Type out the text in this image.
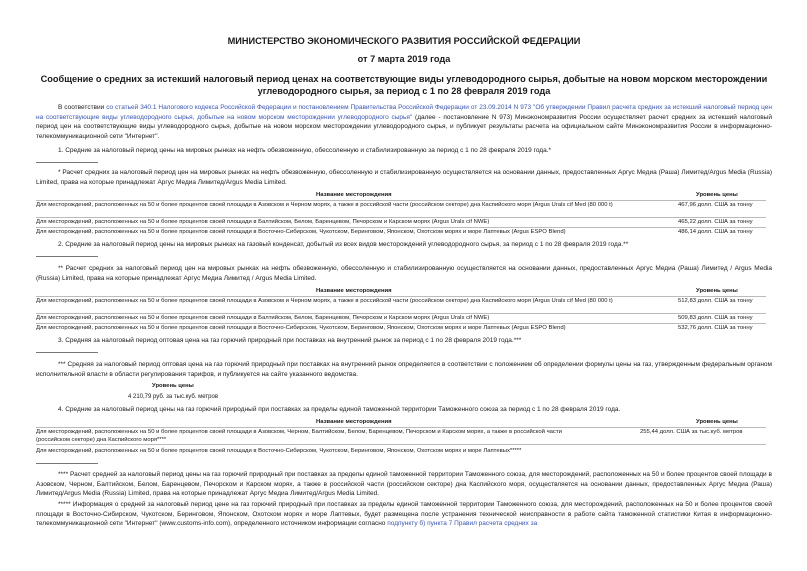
МИНИСТЕРСТВО ЭКОНОМИЧЕСКОГО РАЗВИТИЯ РОССИЙСКОЙ ФЕДЕРАЦИИ
от 7 марта 2019 года
Сообщение о средних за истекший налоговый период ценах на соответствующие виды углеводородного сырья, добытые на новом морском месторождении
углеводородного сырья, за период с 1 по 28 февраля 2019 года
В соответствии со статьей 340.1 Налогового кодекса Российской Федерации и постановлением Правительства Российской Федерации от 23.09.2014 N 973 "Об утверждении Правил расчета средних за истекший налоговый период цен на соответствующие виды углеводородного сырья, добытые на новом морском месторождении углеводородного сырья" (далее - постановление N 973) Минэкономразвития России осуществляет расчет средних за истекший налоговый период цен на соответствующие виды углеводородного сырья, добытые на новом морском месторождении углеводородного сырья, и публикует результаты расчета на официальном сайте Минэкономразвития России в информационно-телекоммуникационной сети "Интернет".
1. Средние за налоговый период цены на мировых рынках на нефть обезвоженную, обессоленную и стабилизированную за период с 1 по 28 февраля 2019 года.*
* Расчет средних за налоговый период цен на мировых рынках на нефть обезвоженную, обессоленную и стабилизированную осуществляется на основании данных, предоставленных Аргус Медиа (Раша) Лимитед/Argus Media (Russia) Limited, права на которые принадлежат Аргус Медиа Лимитед/Argus Media Limited.
Название месторождения	Уровень цены
Для месторождений, расположенных на 50 и более процентов своей площади в Азовском и Черном морях, а также в российской части (российском секторе) дна Каспийского моря (Argus Urals cif Med (80 000 t)	467,96 долл. США за тонну
Для месторождений, расположенных на 50 и более процентов своей площади в Балтийском, Белом, Баренцевом, Печорском и Карском морях (Argus Urals cif NWE)	465,22 долл. США за тонну
Для месторождений, расположенных на 50 и более процентов своей площади в Восточно-Сибирском, Чукотском, Беринговом, Японском, Охотском морях и море Лаптевых (Argus ESPO Blend)	486,14 долл. США за тонну
2. Средние за налоговый период цены на мировых рынках на газовый конденсат, добытый из всех видов месторождений углеводородного сырья, за период с 1 по 28 февраля 2019 года.**
** Расчет средних за налоговый период цен на мировых рынках на нефть обезвоженную, обессоленную и стабилизированную осуществляется на основании данных, предоставленных Аргус Медиа (Раша) Лимитед / Argus Media (Russia) Limited, права на которые принадлежат Аргус Медиа Лимитед / Argus Media Limited.
Название месторождения	Уровень цены
Для месторождений, расположенных на 50 и более процентов своей площади в Азовском и Черном морях, а также в российской части (российском секторе) дна Каспийского моря (Argus Urals cif Med (80 000 t)	512,83 долл. США за тонну
Для месторождений, расположенных на 50 и более процентов своей площади в Балтийском, Белом, Баренцевом, Печорском и Карском морях (Argus Urals cif NWE)	509,83 долл. США за тонну
Для месторождений, расположенных на 50 и более процентов своей площади в Восточно-Сибирском, Чукотском, Беринговом, Японском, Охотском морях и море Лаптевых (Argus ESPO Blend)	532,76 долл. США за тонну
3. Средняя за налоговый период оптовая цена на газ горючий природный при поставках на внутренний рынок за период с 1 по 28 февраля 2019 года.***
*** Средняя за налоговый период оптовая цена на газ горючий природный при поставках на внутренний рынок определяется в соответствии с положением об определении формулы цены на газ, утвержденным федеральным органом исполнительной власти в области регулирования тарифов, и публикуется на сайте указанного ведомства.
Уровень цены
4 210,79 руб. за тыс.куб. метров
4. Средние за налоговый период цены на газ горючий природный при поставках за пределы единой таможенной территории Таможенного союза за период с 1 по 28 февраля 2019 года.
Название месторождения	Уровень цены
Для месторождений, расположенных на 50 и более процентов своей площади в Азовском, Черном, Балтийском, Белом, Баренцевом, Печорском и Карском морях, а также в российской части (российском секторе) дна Каспийского моря****
255,44 долл. США за тыс.куб. метров
Для месторождений, расположенных на 50 и более процентов своей площади в Восточно-Сибирском, Чукотском, Беринговом, Японском, Охотском морях и море Лаптевых*****
**** Расчет средней за налоговый период цены на газ горючий природный при поставках за пределы единой таможенной территории Таможенного союза, для месторождений, расположенных на 50 и более процентов своей площади в Азовском, Черном, Балтийском, Белом, Баренцевом, Печорском и Карском морях, а также в российской части (российском секторе) дна Каспийского моря, осуществляется на основании данных, предоставленных Аргус Медиа (Раша) Лимитед/Argus Media (Russia) Limited, права на которые принадлежат Аргус Медиа Лимитед/Argus Media Limited.
***** Информация о средней за налоговый период цене на газ горючий природный при поставках за пределы единой таможенной территории Таможенного союза, для месторождений, расположенных на 50 и более процентов своей площади в Восточно-Сибирском, Чукотском, Беринговом, Японском, Охотском морях и море Лаптевых, будет размещена после устранения технической неисправности в работе сайта таможенной статистики Китая в информационно-телекоммуникационной сети "Интернет" (www.customs-info.com), определенного источником информации согласно подпункту б) пункта 7 Правил расчета средних за
